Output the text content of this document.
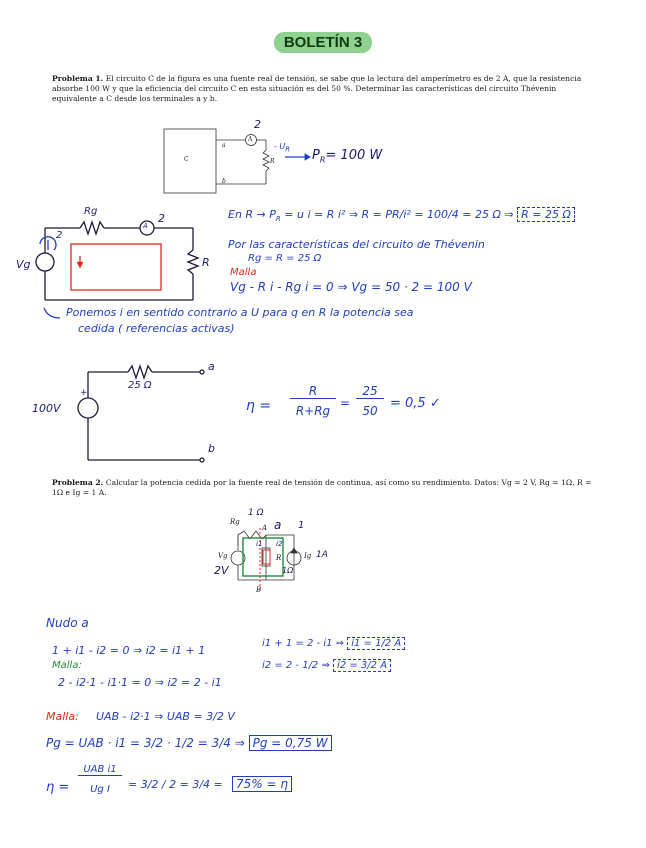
BOLETÍN 3
Problema 1. El circuito C de la figura es una fuente real de tensión, se sabe que la lectura del amperímetro es de 2 A, que la resistencia absorbe 100 W y que la eficiencia del circuito C en esta situación es del 50 %. Determinar las características del circuito Thévenin equivalente a C desde los terminales a y b.
C
a
b
A
2
- $U_R$
R	$P_R= 100$ W
Rg
A
2
Vg
2
R
En $R \to P_R = u$ i = R i² ⇒ R = PR/i² = 100/4 = 25 Ω ⇒ R = 25 Ω
Por las características del circuito de Thévenin
Rg = R = 25 Ω
Malla
Vg - R i - Rg i = 0 ⇒ Vg = 50 · 2 = 100 V
Ponemos i en sentido contrario a U para q en R la potencia sea
cedida ( referencias activas)
100V
+
25 Ω
a
b
η =
R
R+Rg
=
25
50 = 0,5 ✓
Problema 2. Calcular la potencia cedida por la fuente real de tensión de continua, así como su rendimiento. Datos: Vg = 2 V, Rg = 1Ω, R = 1Ω e Ig = 1 A.
Rg
1 Ω
A a 1
i1 i2
Vg
2V
R
1Ω
Ig 1A
B
Nudo a
1 + i1 - i2 = 0 ⇒ i2 = i1 + 1
Malla:
2 - i2·1 - i1·1 = 0 ⇒ i2 = 2 - i1
i1 + 1 = 2 - i1 ⇒ i1 = 1/2 A
i2 = 2 - 1/2 ⇒ i2 = 3/2 A
Malla: UAB - i2·1 ⇒ UAB = 3/2 V
Pg = UAB · i1 = 3/2 · 1/2 = 3/4 ⇒ Pg = 0,75 W
η =
UAB i1
Ug I	= 3/2 / 2 = 3/4 =	75% = η
